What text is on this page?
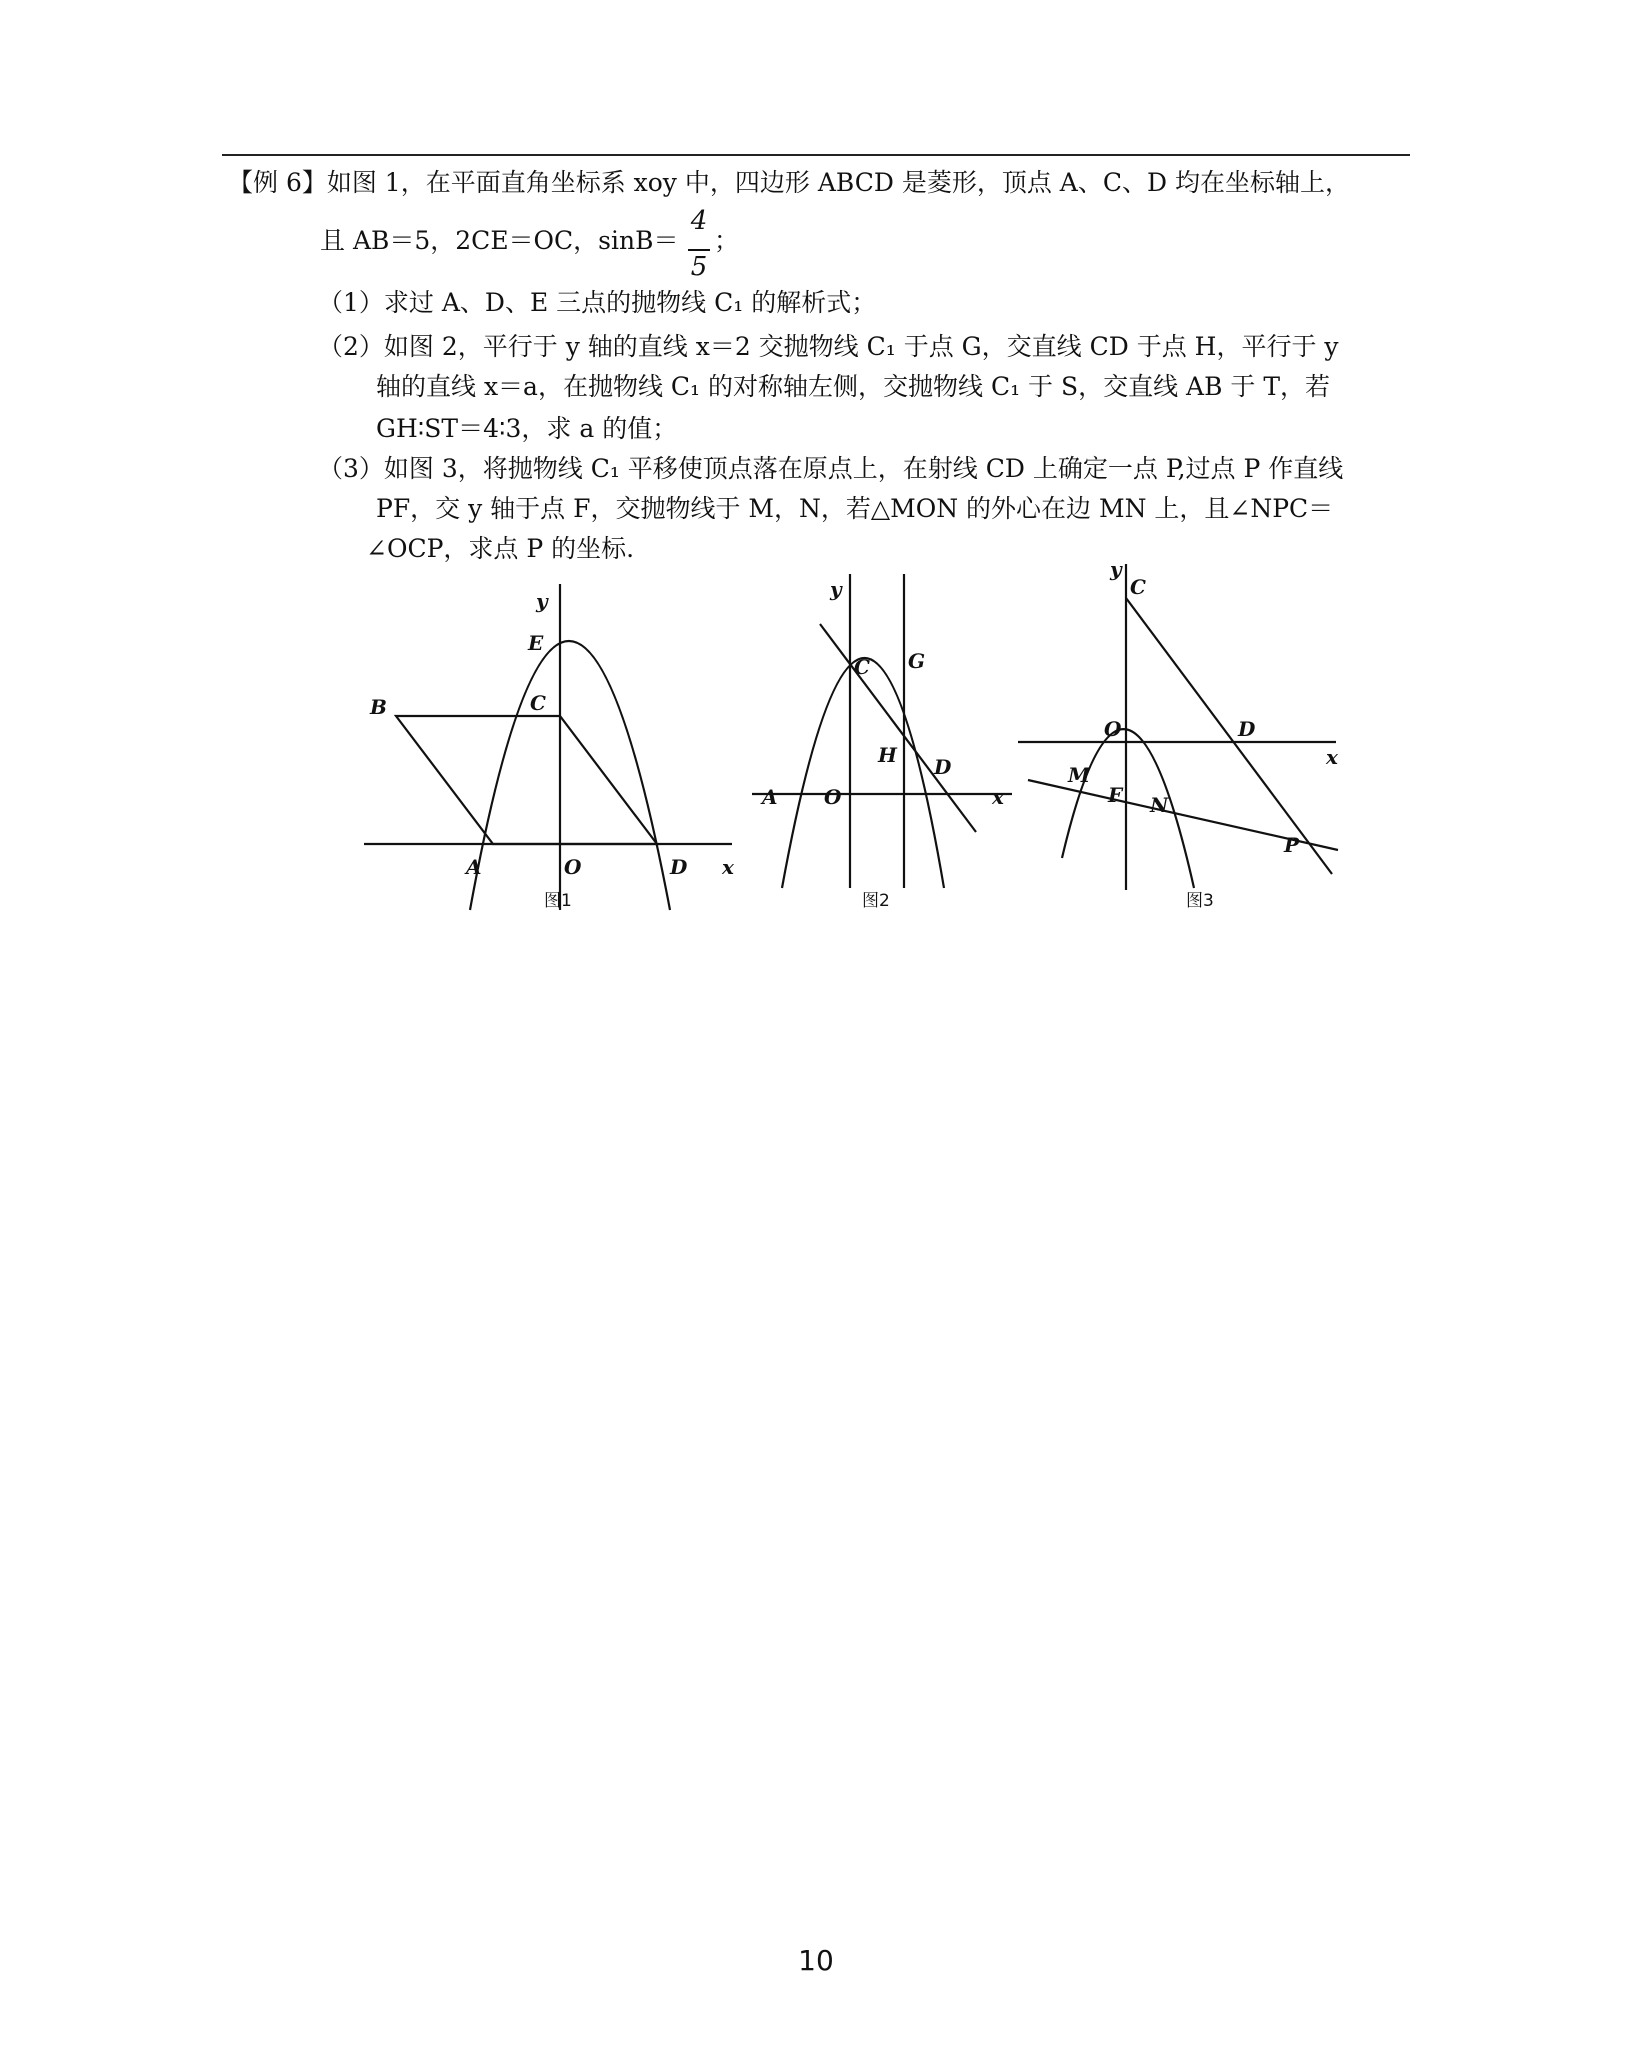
【例 6】如图 1，在平面直角坐标系 xoy 中，四边形 ABCD 是菱形，顶点 A、C、D 均在坐标轴上，
且 AB＝5，2CE＝OC，sinB＝
4
5
；
（1）求过 A、D、E 三点的抛物线 C₁ 的解析式；
（2）如图 2，平行于 y 轴的直线 x＝2 交抛物线 C₁ 于点 G，交直线 CD 于点 H，平行于 y
轴的直线 x＝a，在抛物线 C₁ 的对称轴左侧，交抛物线 C₁ 于 S，交直线 AB 于 T，若
GH∶ST＝4∶3，求 a 的值；
（3）如图 3，将抛物线 C₁ 平移使顶点落在原点上，在射线 CD 上确定一点 P,过点 P 作直线
PF，交 y 轴于点 F，交抛物线于 M，N，若△MON 的外心在边 MN 上，且∠NPC＝
∠OCP，求点 P 的坐标.
y
E
C
B
A	O	D x
图1
y
C G
H D
A O	x
图2
y
C
O	D
x
M
F N
P
图3
10
